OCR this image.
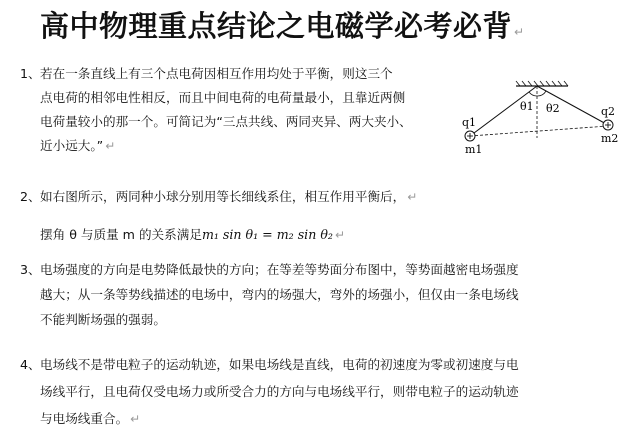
高中物理重点结论之电磁学必考必背 ↵
1、 若在一条直线上有三个点电荷因相互作用均处于平衡，则这三个
点电荷的相邻电性相反，而且中间电荷的电荷量最小，且靠近两侧
电荷量较小的那一个。可简记为“三点共线、两同夹异、两大夹小、
近小远大。” ↵
2、 如右图所示，两同种小球分别用等长细线系住，相互作用平衡后， ↵
摆角 θ 与质量 m 的关系满足m₁ sin θ₁ = m₂ sin θ₂ ↵
3、 电场强度的方向是电势降低最快的方向；在等差等势面分布图中，等势面越密电场强度
越大；从一条等势线描述的电场中，弯内的场强大，弯外的场强小，但仅由一条电场线
不能判断场强的强弱。
4、 电场线不是带电粒子的运动轨迹，如果电场线是直线，电荷的初速度为零或初速度与电
场线平行，且电荷仅受电场力或所受合力的方向与电场线平行，则带电粒子的运动轨迹
与电场线重合。 ↵
θ1 θ2
q1
m1
q2
m2
